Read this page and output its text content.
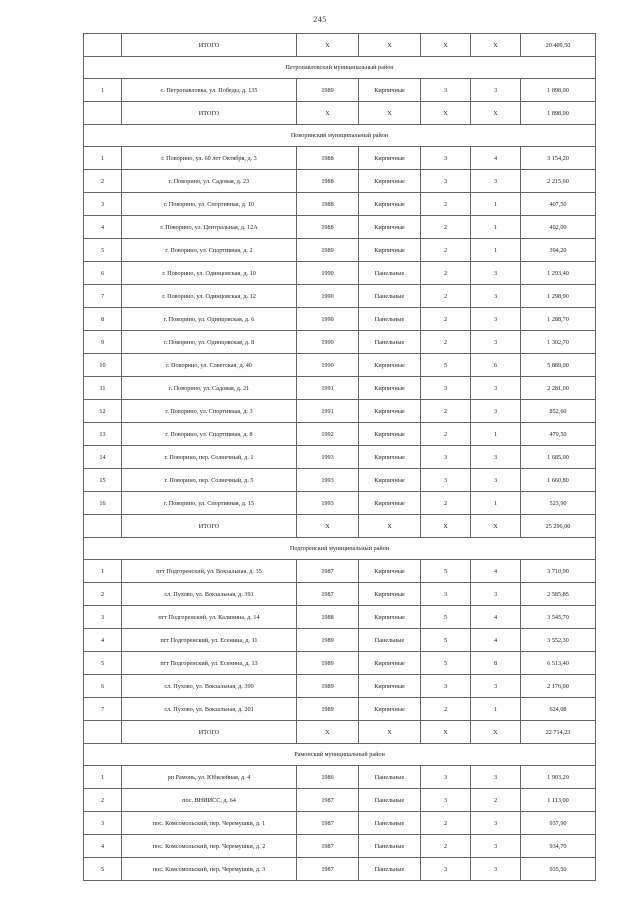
245
	ИТОГО	Х	Х	Х	Х	20 409,50
Петропавловский муниципальный район						
1	с. Петропавловка, ул. Победы, д. 135	1989	Кирпичные	3	3	1 898,00
	ИТОГО	Х	Х	Х	Х	1 898,00
Поворинский муниципальный район						
1	г. Поворино, ул. 60 лет Октября, д. 3	1988	Кирпичные	3	4	3 154,20
2	г. Поворино, ул. Садовая, д. 23	1988	Кирпичные	3	3	2 215,60
3	г. Поворино, ул. Спортивная, д. 10	1988	Кирпичные	2	1	407,50
4	г. Поворино, ул. Центральная, д. 12А	1988	Кирпичные	2	1	402,00
5	г. Поворино, ул. Спортивная, д. 2	1989	Кирпичные	2	1	394,20
6	г. Поворино, ул. Одинцовская, д. 10	1990	Панельные	2	3	1 293,40
7	г. Поворино, ул. Одинцовская, д. 12	1990	Панельные	2	3	1 298,90
8	г. Поворино, ул. Одинцовская, д. 6	1990	Панельные	2	3	1 288,70
9	г. Поворино, ул. Одинцовская, д. 8	1990	Панельные	2	3	1 302,70
10	г. Поворино, ул. Советская, д. 40	1990	Кирпичные	5	6	5 889,00
11	г. Поворино, ул. Садовая, д. 21	1991	Кирпичные	3	3	2 281,00
12	г. Поворино, ул. Спортивная, д. 3	1991	Кирпичные	2	3	852,60
13	г. Поворино, ул. Спортивная, д. 8	1992	Кирпичные	2	1	479,50
14	г. Поворино, пер. Солнечный, д. 1	1993	Кирпичные	3	3	1 685,00
15	г. Поворино, пер. Солнечный, д. 5	1993	Кирпичные	3	3	1 660,80
16	г. Поворино, ул. Спортивная, д. 15	1993	Кирпичные	2	1	523,90
	ИТОГО	Х	Х	Х	Х	25 296,00
Подгоренский муниципальный район						
1	пгт Подгоренский, ул. Вокзальная, д. 35	1987	Кирпичные	5	4	3 710,90
2	сл. Пухово, ул. Вокзальная, д. 391	1987	Кирпичные	3	3	2 585,85
3	пгт Подгоренский, ул. Калинина, д. 14	1988	Кирпичные	5	4	3 545,70
4	пгт Подгоренский, ул. Есенина, д. 11	1989	Панельные	5	4	3 552,30
5	пгт Подгоренский, ул. Есенина, д. 13	1989	Кирпичные	5	8	6 513,40
6	сл. Пухово, ул. Вокзальная, д. 390	1989	Кирпичные	3	3	2 176,00
7	сл. Пухово, ул. Вокзальная, д. 201	1989	Кирпичные	2	1	624,08
	ИТОГО	Х	Х	Х	Х	22 714,23
Рамонский муниципальный район						
1	рп Рамонь, ул. Юбилейная, д. 4	1986	Панельные	3	3	1 903,20
2	пос. ВНИИСС, д. 64	1987	Панельные	3	2	1 113,00
3	пос. Комсомольский, пер. Черемушки, д. 1	1987	Панельные	2	3	937,90
4	пос. Комсомольский, пер. Черемушки, д. 2	1987	Панельные	2	3	934,70
5	пос. Комсомольский, пер. Черемушки, д. 3	1987	Панельные	3	3	935,50
